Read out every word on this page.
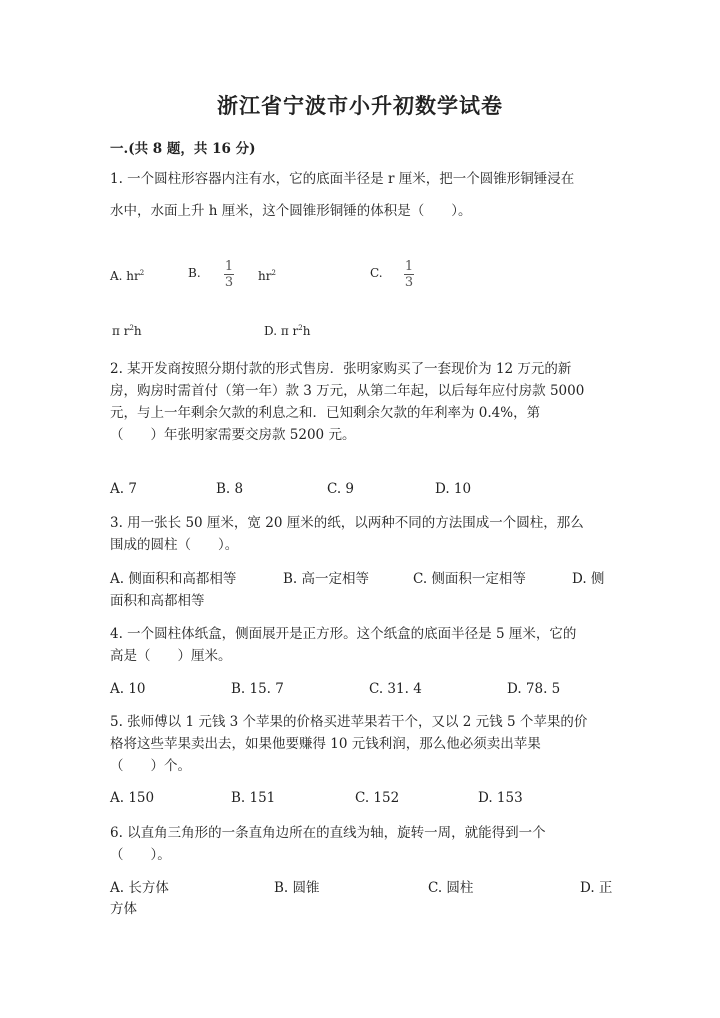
浙江省宁波市小升初数学试卷
一.(共 8 题，共 16 分)
1. 一个圆柱形容器内注有水，它的底面半径是 r 厘米，把一个圆锥形铜锤浸在
水中，水面上升 h 厘米，这个圆锥形铜锤的体积是（　　）。
A. $hr^2$	B. 1
3 $hr^2$	C. 1
3
π $r^2h$	D. π $r^2h$
2. 某开发商按照分期付款的形式售房．张明家购买了一套现价为 12 万元的新
房，购房时需首付（第一年）款 3 万元，从第二年起，以后每年应付房款 5000
元，与上一年剩余欠款的利息之和．已知剩余欠款的年利率为 0.4%，第
（　　）年张明家需要交房款 5200 元。
A. 7	B. 8	C. 9	D. 10
3. 用一张长 50 厘米，宽 20 厘米的纸，以两种不同的方法围成一个圆柱，那么
围成的圆柱（　　）。
A. 侧面积和高都相等	B. 高一定相等	C. 侧面积一定相等	D. 侧
面积和高都相等
4. 一个圆柱体纸盒，侧面展开是正方形。这个纸盒的底面半径是 5 厘米，它的
高是（　　）厘米。
A. 10	B. 15. 7	C. 31. 4	D. 78. 5
5. 张师傅以 1 元钱 3 个苹果的价格买进苹果若干个，又以 2 元钱 5 个苹果的价
格将这些苹果卖出去，如果他要赚得 10 元钱利润，那么他必须卖出苹果
（　　）个。
A. 150	B. 151	C. 152	D. 153
6. 以直角三角形的一条直角边所在的直线为轴，旋转一周，就能得到一个
（　　）。
A. 长方体	B. 圆锥	C. 圆柱	D. 正
方体
